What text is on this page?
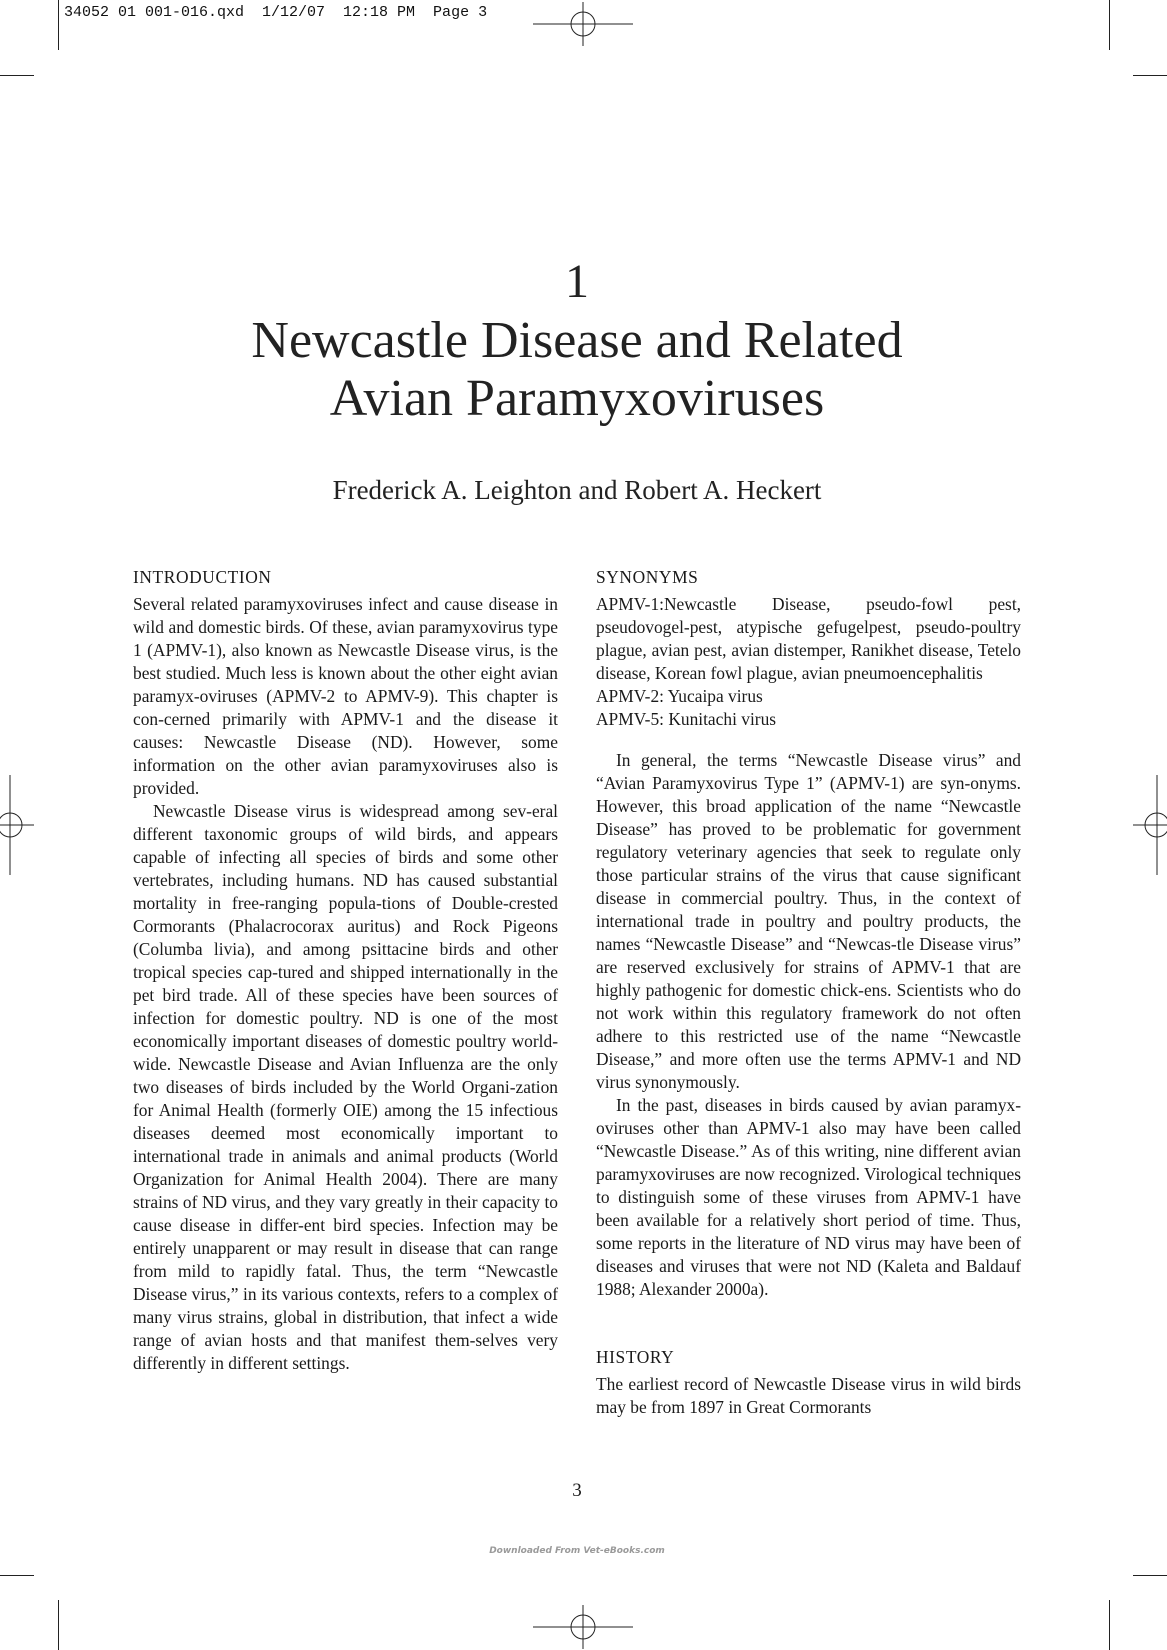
34052 01 001-016.qxd  1/12/07  12:18 PM  Page 3
1
Newcastle Disease and Related
Avian Paramyxoviruses
Frederick A. Leighton and Robert A. Heckert
INTRODUCTION

Several related paramyxoviruses infect and cause disease in wild and domestic birds. Of these, avian paramyxovirus type 1 (APMV-1), also known as Newcastle Disease virus, is the best studied. Much less is known about the other eight avian paramyx-oviruses (APMV-2 to APMV-9). This chapter is con-cerned primarily with APMV-1 and the disease it causes: Newcastle Disease (ND). However, some information on the other avian paramyxoviruses also is provided.

Newcastle Disease virus is widespread among sev-eral different taxonomic groups of wild birds, and appears capable of infecting all species of birds and some other vertebrates, including humans. ND has caused substantial mortality in free-ranging popula-tions of Double-crested Cormorants (Phalacrocorax auritus) and Rock Pigeons (Columba livia), and among psittacine birds and other tropical species cap-tured and shipped internationally in the pet bird trade. All of these species have been sources of infection for domestic poultry. ND is one of the most economically important diseases of domestic poultry world-wide. Newcastle Disease and Avian Influenza are the only two diseases of birds included by the World Organi-zation for Animal Health (formerly OIE) among the 15 infectious diseases deemed most economically important to international trade in animals and animal products (World Organization for Animal Health 2004). There are many strains of ND virus, and they vary greatly in their capacity to cause disease in differ-ent bird species. Infection may be entirely unapparent or may result in disease that can range from mild to rapidly fatal. Thus, the term “Newcastle Disease virus,” in its various contexts, refers to a complex of many virus strains, global in distribution, that infect a wide range of avian hosts and that manifest them-selves very differently in different settings.

SYNONYMS

APMV-1:Newcastle Disease, pseudo-fowl pest, pseudovogel-pest, atypische gefugelpest, pseudo-poultry plague, avian pest, avian distemper, Ranikhet disease, Tetelo disease, Korean fowl plague, avian pneumoencephalitis

APMV-2: Yucaipa virus

APMV-5: Kunitachi virus

In general, the terms “Newcastle Disease virus” and “Avian Paramyxovirus Type 1” (APMV-1) are syn-onyms. However, this broad application of the name “Newcastle Disease” has proved to be problematic for government regulatory veterinary agencies that seek to regulate only those particular strains of the virus that cause significant disease in commercial poultry. Thus, in the context of international trade in poultry and poultry products, the names “Newcastle Disease” and “Newcas-tle Disease virus” are reserved exclusively for strains of APMV-1 that are highly pathogenic for domestic chick-ens. Scientists who do not work within this regulatory framework do not often adhere to this restricted use of the name “Newcastle Disease,” and more often use the terms APMV-1 and ND virus synonymously.

In the past, diseases in birds caused by avian paramyx-oviruses other than APMV-1 also may have been called “Newcastle Disease.” As of this writing, nine different avian paramyxoviruses are now recognized. Virological techniques to distinguish some of these viruses from APMV-1 have been available for a relatively short period of time. Thus, some reports in the literature of ND virus may have been of diseases and viruses that were not ND (Kaleta and Baldauf 1988; Alexander 2000a).

HISTORY

The earliest record of Newcastle Disease virus in wild birds may be from 1897 in Great Cormorants

3
Downloaded From Vet-eBooks.com
